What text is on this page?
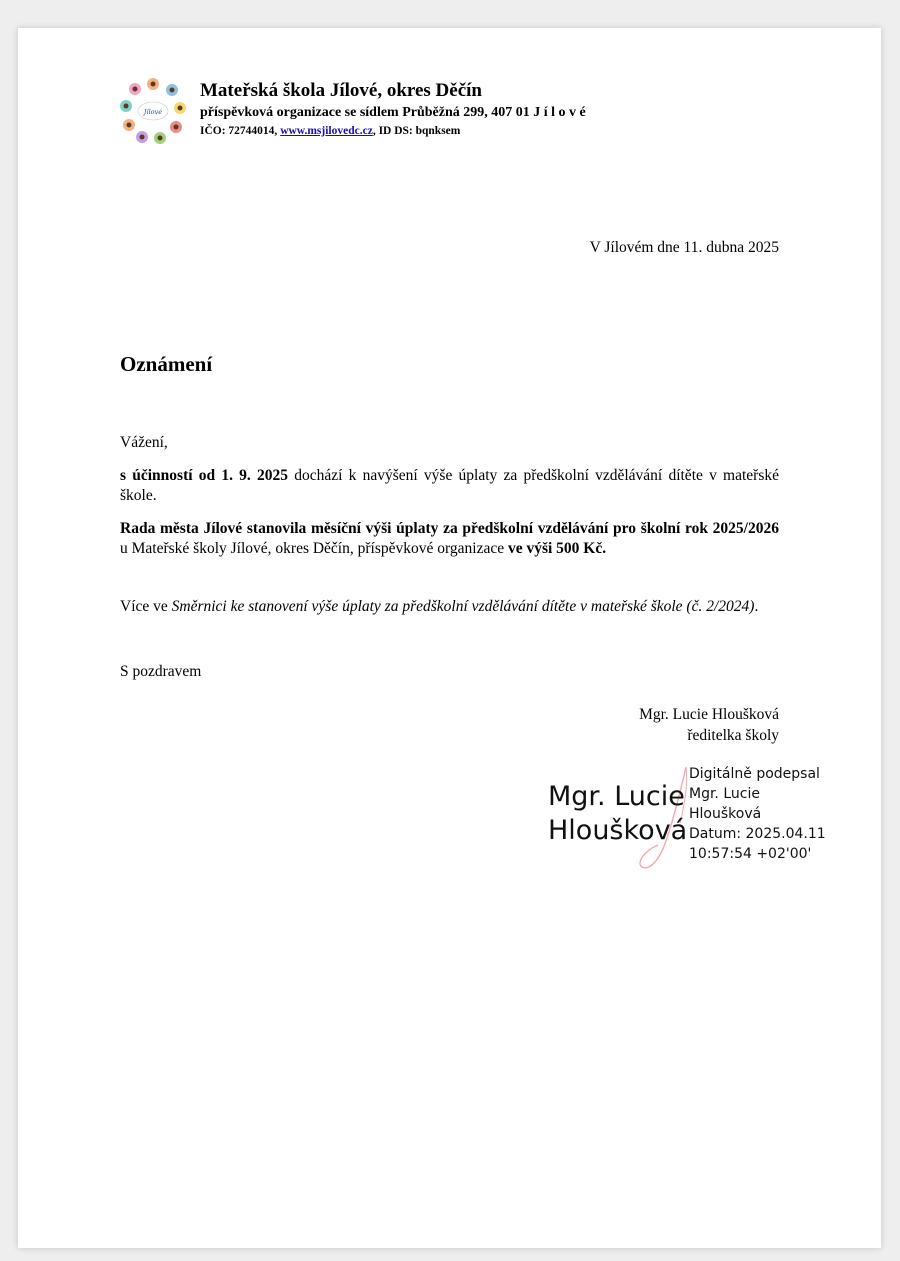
Jílové
Mateřská škola Jílové, okres Děčín
příspěvková organizace se sídlem Průběžná 299, 407 01 J í l o v é
IČO: 72744014, www.msjilovedc.cz, ID DS: bqnksem
V Jílovém dne 11. dubna 2025
Oznámení
Vážení,
s účinností od 1. 9. 2025 dochází k navýšení výše úplaty za předškolní vzdělávání dítěte v mateřské škole.
Rada města Jílové stanovila měsíční výši úplaty za předškolní vzdělávání pro školní rok 2025/2026 u Mateřské školy Jílové, okres Děčín, příspěvkové organizace ve výši 500 Kč.
Více ve Směrnici ke stanovení výše úplaty za předškolní vzdělávání dítěte v mateřské škole (č. 2/2024).
S pozdravem
Mgr. Lucie Hloušková
ředitelka školy
Mgr. Lucie
Hloušková
Digitálně podepsal
Mgr. Lucie
Hloušková
Datum: 2025.04.11
10:57:54 +02'00'
